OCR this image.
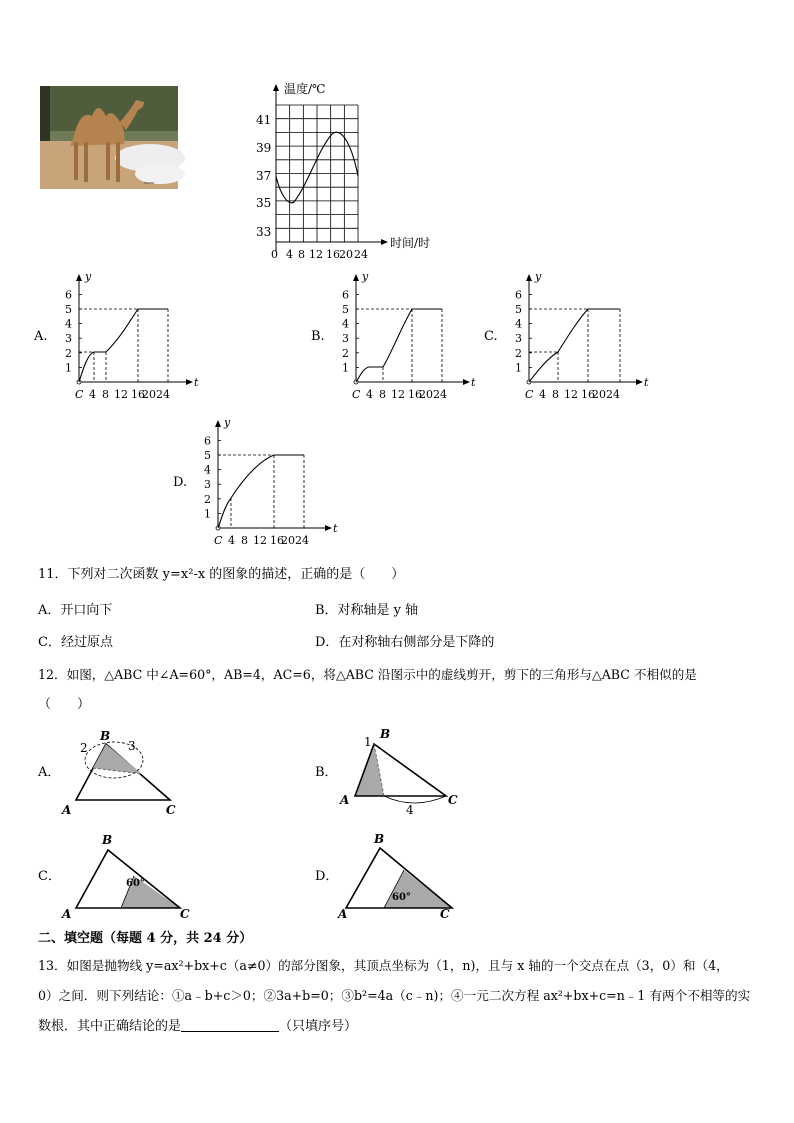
www
温度/℃
时间/时
41
39
37
35
33
0 4 8 12 16 20 24
A.
y
t
C
6
5
4
3
2
1
4 8 12 16
20 24
B.
y
t
C
6
5
4
3
2
1
4 8 12 16
20 24
C.
y
t
C
6
5
4
3
2
1
4 8 12 16
20 24
D.
y
t
C
6
5
4
3
2
1
4 8 12 16
20 24
11．下列对二次函数 y=x²-x 的图象的描述，正确的是（　　）
A．开口向下	B．对称轴是 y 轴
C．经过原点	D．在对称轴右侧部分是下降的
12．如图，△ABC 中∠A=60°，AB=4，AC=6，将△ABC 沿图示中的虚线剪开，剪下的三角形与△ABC 不相似的是
（　　）
A．
A
B
C
2	3
B．
A
B
C
1
4
C．	60°
A
B
C
D．
60°
A
B
C
二、填空题（每题 4 分，共 24 分）
13．如图是抛物线 y=ax²+bx+c（a≠0）的部分图象，其顶点坐标为（1，n)，且与 x 轴的一个交点在点（3，0）和（4，
0）之间．则下列结论：①a﹣b+c＞0；②3a+b=0；③b²=4a（c﹣n)；④一元二次方程 ax²+bx+c=n﹣1 有两个不相等的实
数根．其中正确结论的是	（只填序号）
